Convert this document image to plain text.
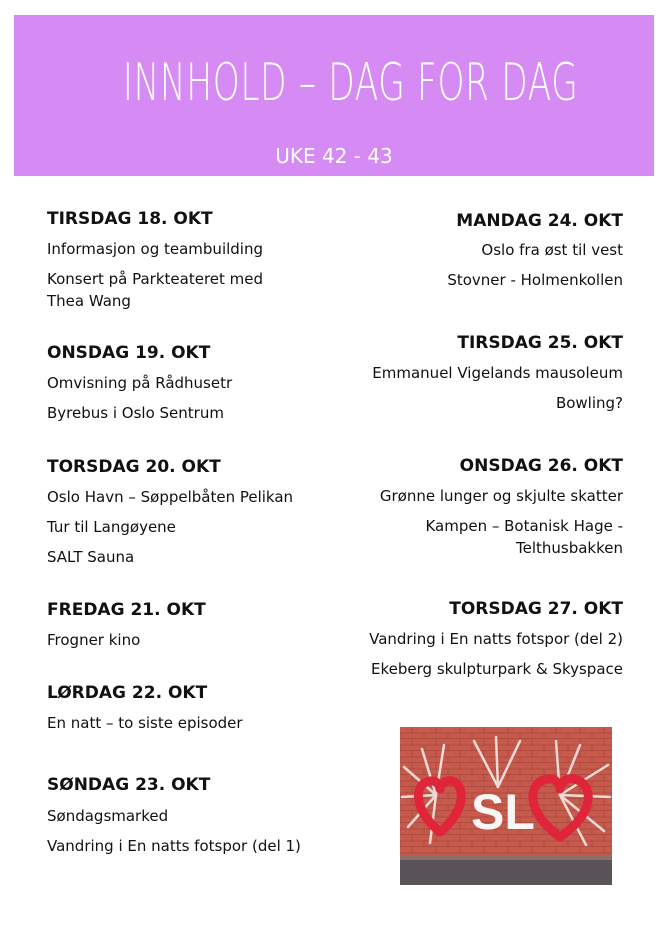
INNHOLD – DAG FOR DAG
UKE 42 - 43
TIRSDAG 18. OKT
Informasjon og teambuilding
Konsert på Parkteateret med Thea Wang
ONSDAG 19. OKT
Omvisning på Rådhusetr
Byrebus i Oslo Sentrum
TORSDAG 20. OKT
Oslo Havn – Søppelbåten Pelikan
Tur til Langøyene
SALT Sauna
FREDAG 21. OKT
Frogner kino
LØRDAG 22. OKT
En natt – to siste episoder
SØNDAG 23. OKT
Søndagsmarked
Vandring i En natts fotspor (del 1)
MANDAG 24. OKT
Oslo fra øst til vest
Stovner - Holmenkollen
TIRSDAG 25. OKT
Emmanuel Vigelands mausoleum
Bowling?
ONSDAG 26. OKT
Grønne lunger og skjulte skatter
Kampen – Botanisk Hage - Telthusbakken
TORSDAG 27. OKT
Vandring i En natts fotspor (del 2)
Ekeberg skulpturpark & Skyspace
SL
